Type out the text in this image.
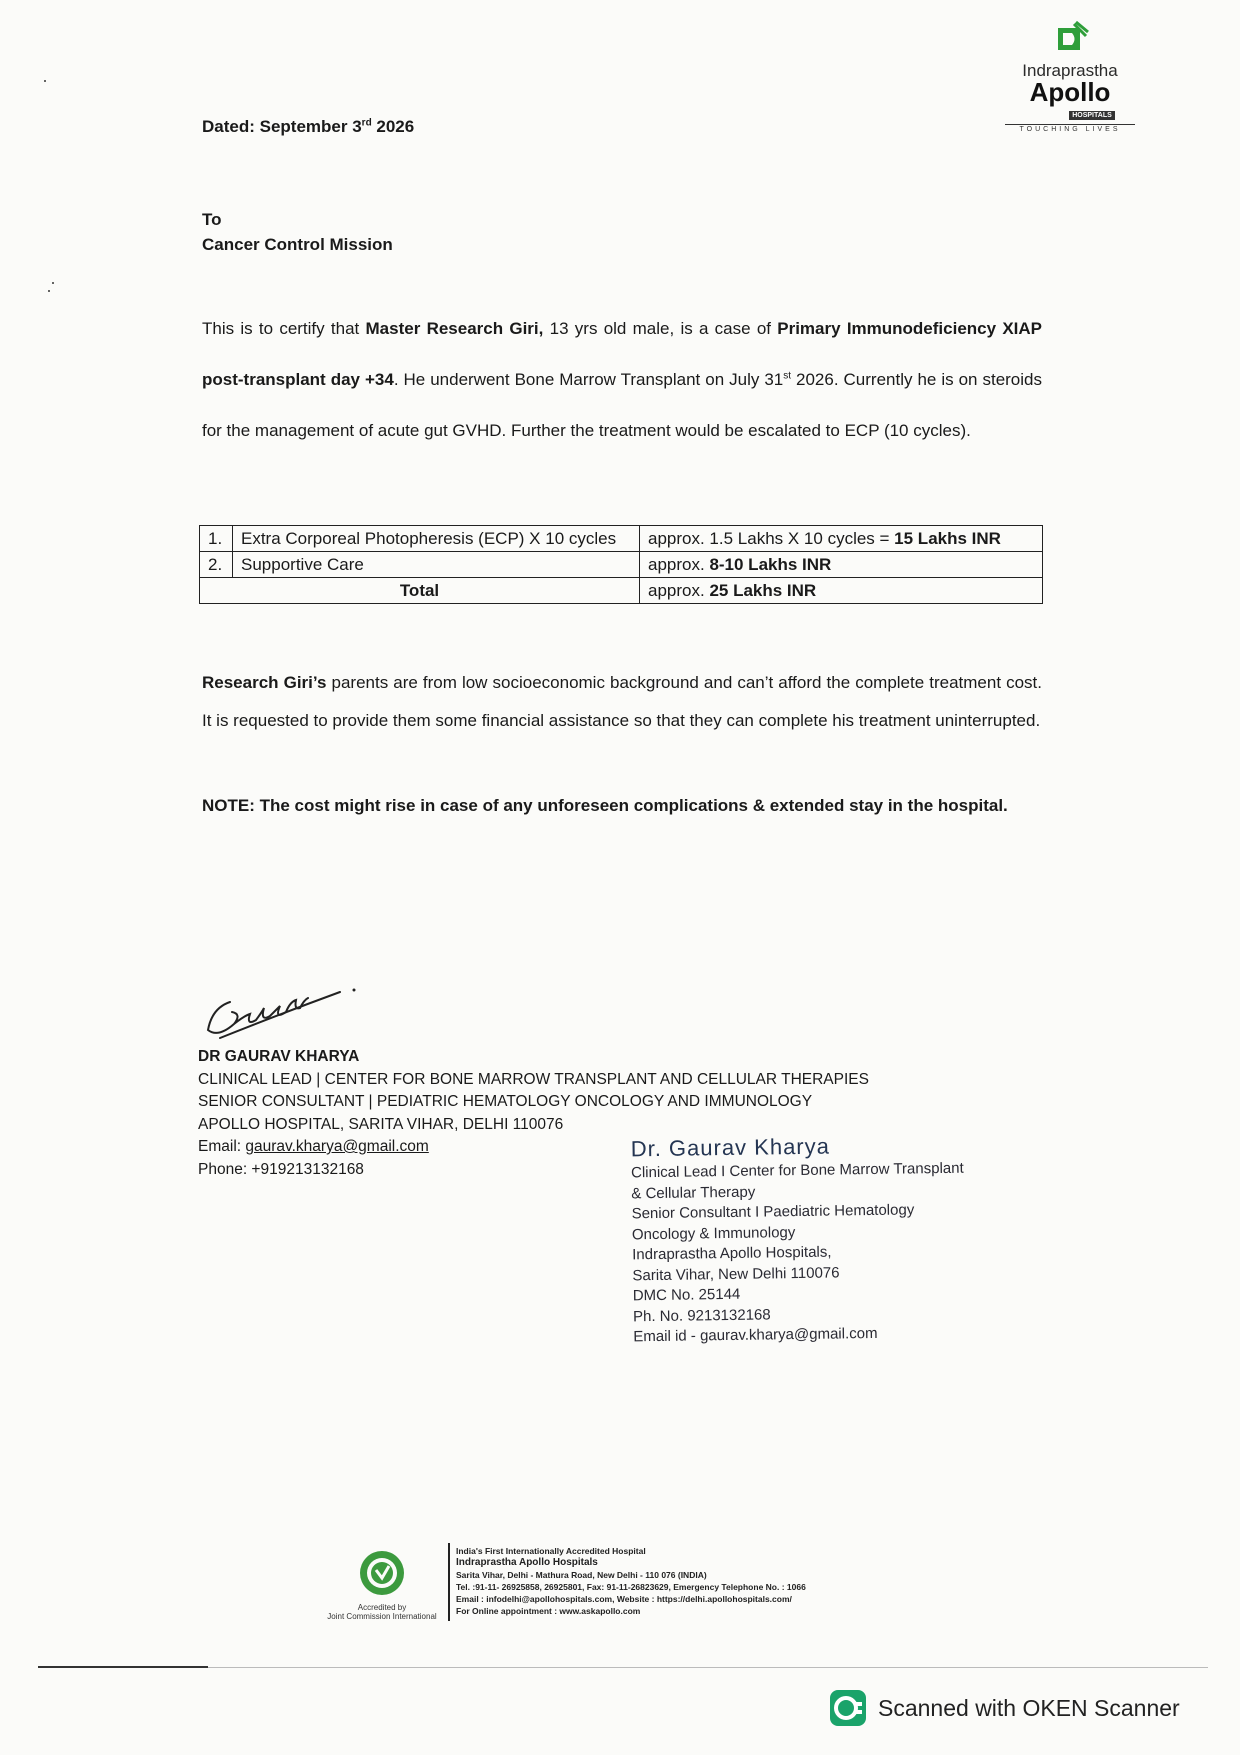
Indraprastha
Apollo
HOSPITALS
TOUCHING LIVES
Dated: September 3rd 2026
To
Cancer Control Mission
This is to certify that Master Research Giri, 13 yrs old male, is a case of Primary Immunodeficiency XIAP post-transplant day +34. He underwent Bone Marrow Transplant on July 31st 2026. Currently he is on steroids for the management of acute gut GVHD. Further the treatment would be escalated to ECP (10 cycles).
1.	Extra Corporeal Photopheresis (ECP) X 10 cycles	approx. 1.5 Lakhs X 10 cycles = 15 Lakhs INR
2.	Supportive Care	approx. 8-10 Lakhs INR
Total		approx. 25 Lakhs INR
Research Giri’s parents are from low socioeconomic background and can’t afford the complete treatment cost. It is requested to provide them some financial assistance so that they can complete his treatment uninterrupted.
NOTE: The cost might rise in case of any unforeseen complications & extended stay in the hospital.
DR GAURAV KHARYA
CLINICAL LEAD | CENTER FOR BONE MARROW TRANSPLANT AND CELLULAR THERAPIES
SENIOR CONSULTANT | PEDIATRIC HEMATOLOGY ONCOLOGY AND IMMUNOLOGY
APOLLO HOSPITAL, SARITA VIHAR, DELHI 110076
Email: gaurav.kharya@gmail.com
Phone: +919213132168
Dr. Gaurav Kharya
Clinical Lead I Center for Bone Marrow Transplant
& Cellular Therapy
Senior Consultant I Paediatric Hematology
Oncology & Immunology
Indraprastha Apollo Hospitals,
Sarita Vihar, New Delhi 110076
DMC No. 25144
Ph. No. 9213132168
Email id - gaurav.kharya@gmail.com
Accredited by
Joint Commission International
India's First Internationally Accredited Hospital
Indraprastha Apollo Hospitals
Sarita Vihar, Delhi - Mathura Road, New Delhi - 110 076 (INDIA)
Tel. :91-11- 26925858, 26925801, Fax: 91-11-26823629, Emergency Telephone No. : 1066
Email : infodelhi@apollohospitals.com, Website : https://delhi.apollohospitals.com/
For Online appointment : www.askapollo.com
Scanned with OKEN Scanner
